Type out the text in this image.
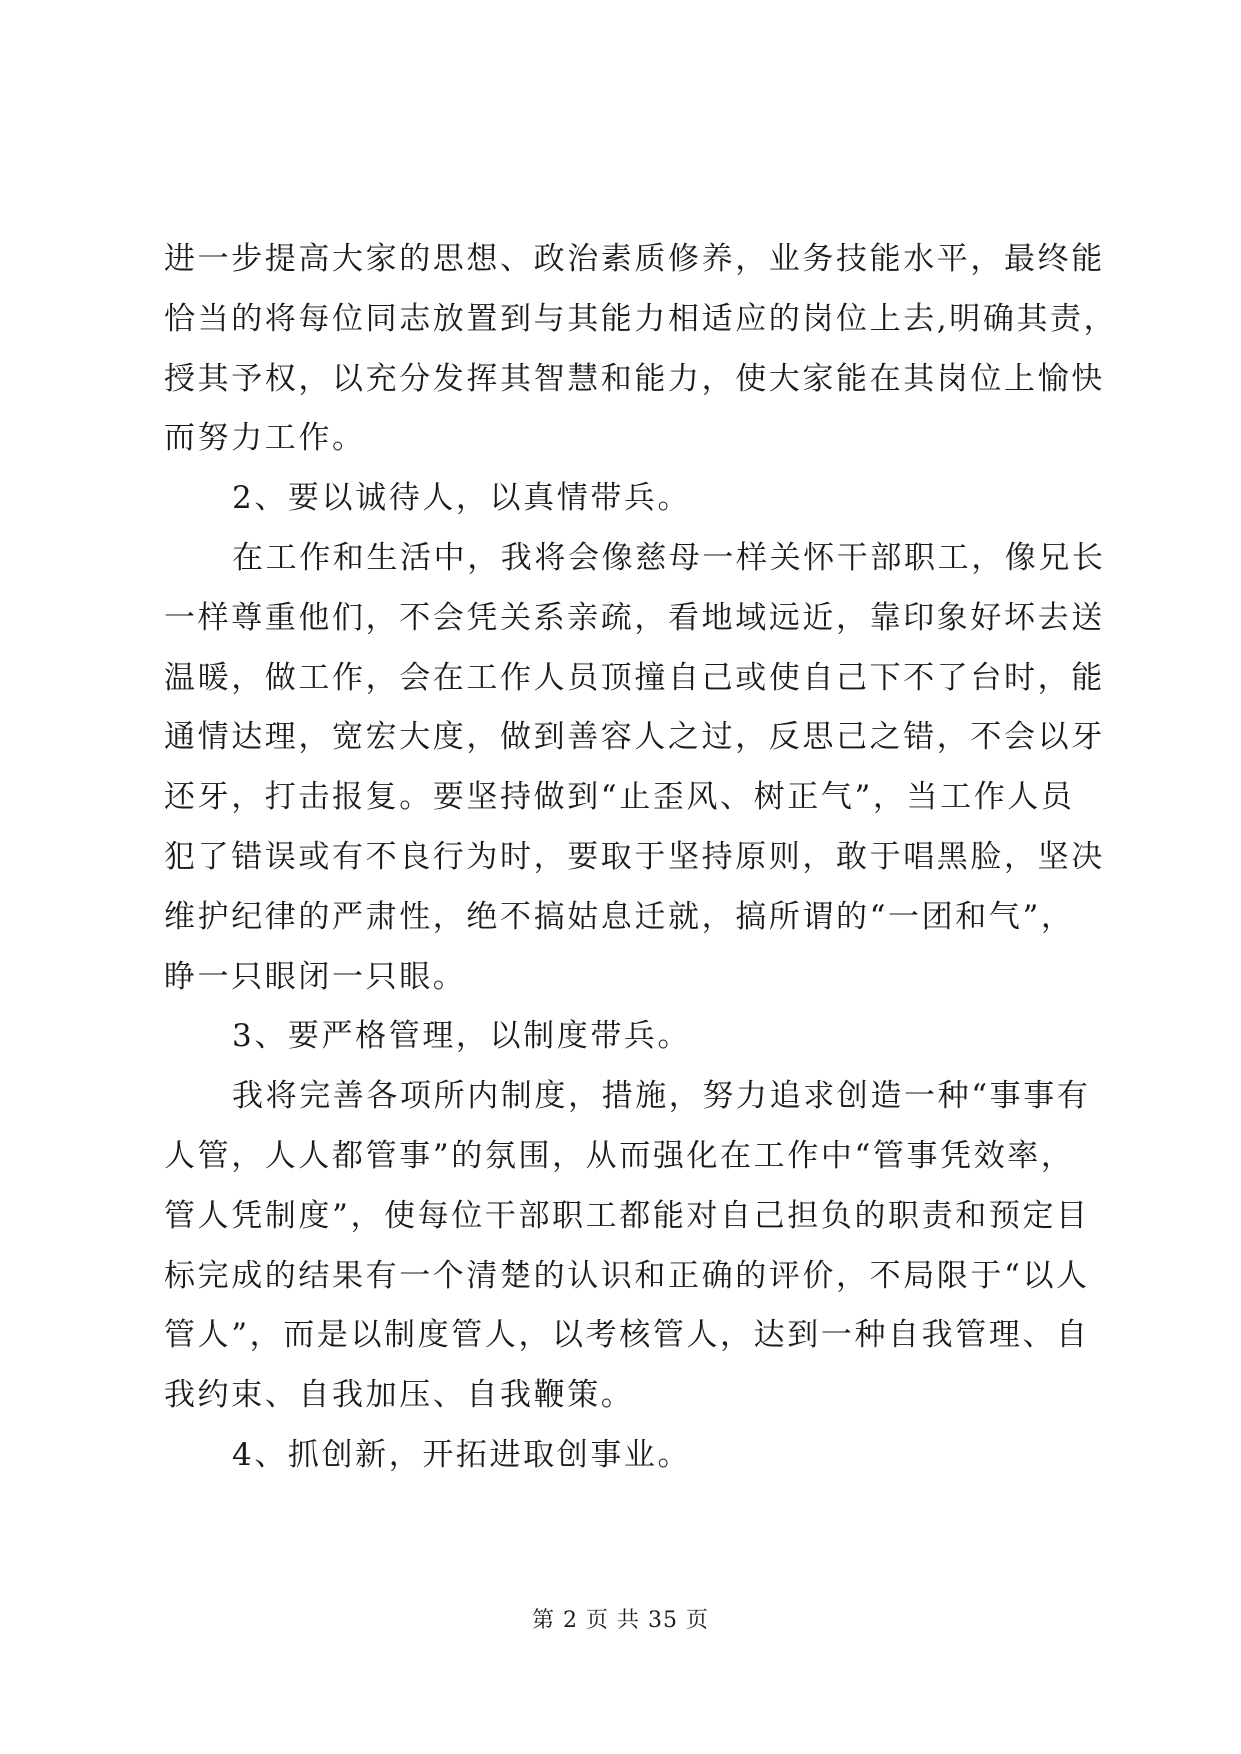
进一步提高大家的思想、政治素质修养，业务技能水平，最终能
恰当的将每位同志放置到与其能力相适应的岗位上去,明确其责，
授其予权，以充分发挥其智慧和能力，使大家能在其岗位上愉快
而努力工作。
2、要以诚待人，以真情带兵。
在工作和生活中，我将会像慈母一样关怀干部职工，像兄长
一样尊重他们，不会凭关系亲疏，看地域远近，靠印象好坏去送
温暖，做工作，会在工作人员顶撞自己或使自己下不了台时，能
通情达理，宽宏大度，做到善容人之过，反思己之错，不会以牙
还牙，打击报复。要坚持做到“止歪风、树正气”，当工作人员
犯了错误或有不良行为时，要取于坚持原则，敢于唱黑脸，坚决
维护纪律的严肃性，绝不搞姑息迁就，搞所谓的“一团和气”，
睁一只眼闭一只眼。
3、要严格管理，以制度带兵。
我将完善各项所内制度，措施，努力追求创造一种“事事有
人管，人人都管事”的氛围，从而强化在工作中“管事凭效率，
管人凭制度”，使每位干部职工都能对自己担负的职责和预定目
标完成的结果有一个清楚的认识和正确的评价，不局限于“以人
管人”，而是以制度管人，以考核管人，达到一种自我管理、自
我约束、自我加压、自我鞭策。
4、抓创新，开拓进取创事业。
第 2 页 共 35 页
